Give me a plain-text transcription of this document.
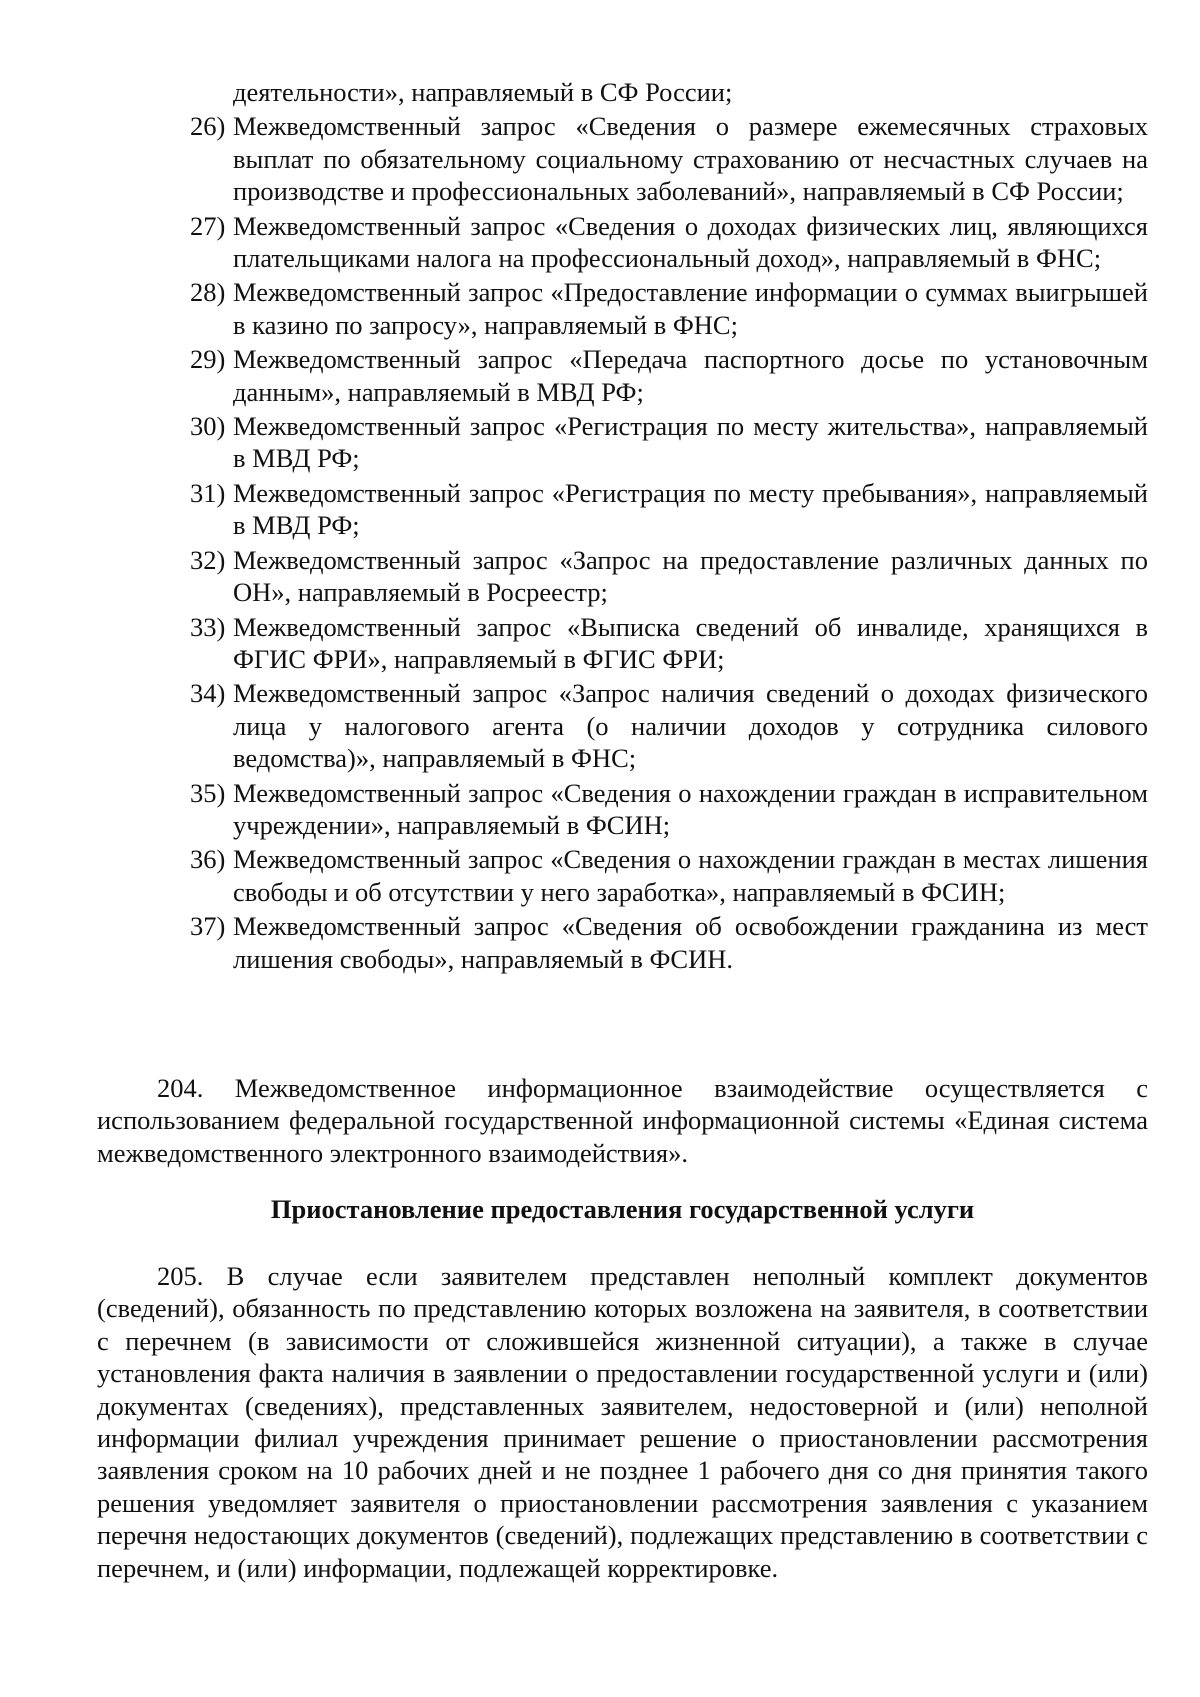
деятельности», направляемый в СФ России;
26) Межведомственный запрос «Сведения о размере ежемесячных страховых выплат по обязательному социальному страхованию от несчастных случаев на производстве и профессиональных заболеваний», направляемый в СФ России;
27) Межведомственный запрос «Сведения о доходах физических лиц, являющихся плательщиками налога на профессиональный доход», направляемый в ФНС;
28) Межведомственный запрос «Предоставление информации о суммах выигрышей в казино по запросу», направляемый в ФНС;
29) Межведомственный запрос «Передача паспортного досье по установочным данным», направляемый в МВД РФ;
30) Межведомственный запрос «Регистрация по месту жительства», направляемый в МВД РФ;
31) Межведомственный запрос «Регистрация по месту пребывания», направляемый в МВД РФ;
32) Межведомственный запрос «Запрос на предоставление различных данных по ОН», направляемый в Росреестр;
33) Межведомственный запрос «Выписка сведений об инвалиде, хранящихся в ФГИС ФРИ», направляемый в ФГИС ФРИ;
34) Межведомственный запрос «Запрос наличия сведений о доходах физического лица у налогового агента (о наличии доходов у сотрудника силового ведомства)», направляемый в ФНС;
35) Межведомственный запрос «Сведения о нахождении граждан в исправительном учреждении», направляемый в ФСИН;
36) Межведомственный запрос «Сведения о нахождении граждан в местах лишения свободы и об отсутствии у него заработка», направляемый в ФСИН;
37) Межведомственный запрос «Сведения об освобождении гражданина из мест лишения свободы», направляемый в ФСИН.

204. Межведомственное информационное взаимодействие осуществляется с использованием федеральной государственной информационной системы «Единая система межведомственного электронного взаимодействия».

Приостановление предоставления государственной услуги

205. В случае если заявителем представлен неполный комплект документов (сведений), обязанность по представлению которых возложена на заявителя, в соответствии с перечнем (в зависимости от сложившейся жизненной ситуации), а также в случае установления факта наличия в заявлении о предоставлении государственной услуги и (или) документах (сведениях), представленных заявителем, недостоверной и (или) неполной информации филиал учреждения принимает решение о приостановлении рассмотрения заявления сроком на 10 рабочих дней и не позднее 1 рабочего дня со дня принятия такого решения уведомляет заявителя о приостановлении рассмотрения заявления с указанием перечня недостающих документов (сведений), подлежащих представлению в соответствии с перечнем, и (или) информации, подлежащей корректировке.
